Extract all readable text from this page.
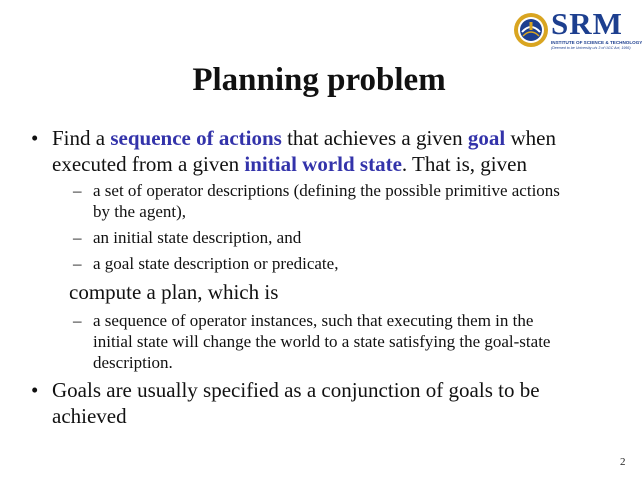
SRM
INSTITUTE OF SCIENCE & TECHNOLOGY
(Deemed to be University u/s 3 of UGC Act, 1956)
Planning problem
• Find a sequence of actions that achieves a given goal when

executed from a given initial world state. That is, given

– a set of operator descriptions (defining the possible primitive actions

by the agent),

– an initial state description, and

– a goal state description or predicate,

compute a plan, which is

– a sequence of operator instances, such that executing them in the

initial state will change the world to a state satisfying the goal-state

description.

• Goals are usually specified as a conjunction of goals to be

achieved

2
